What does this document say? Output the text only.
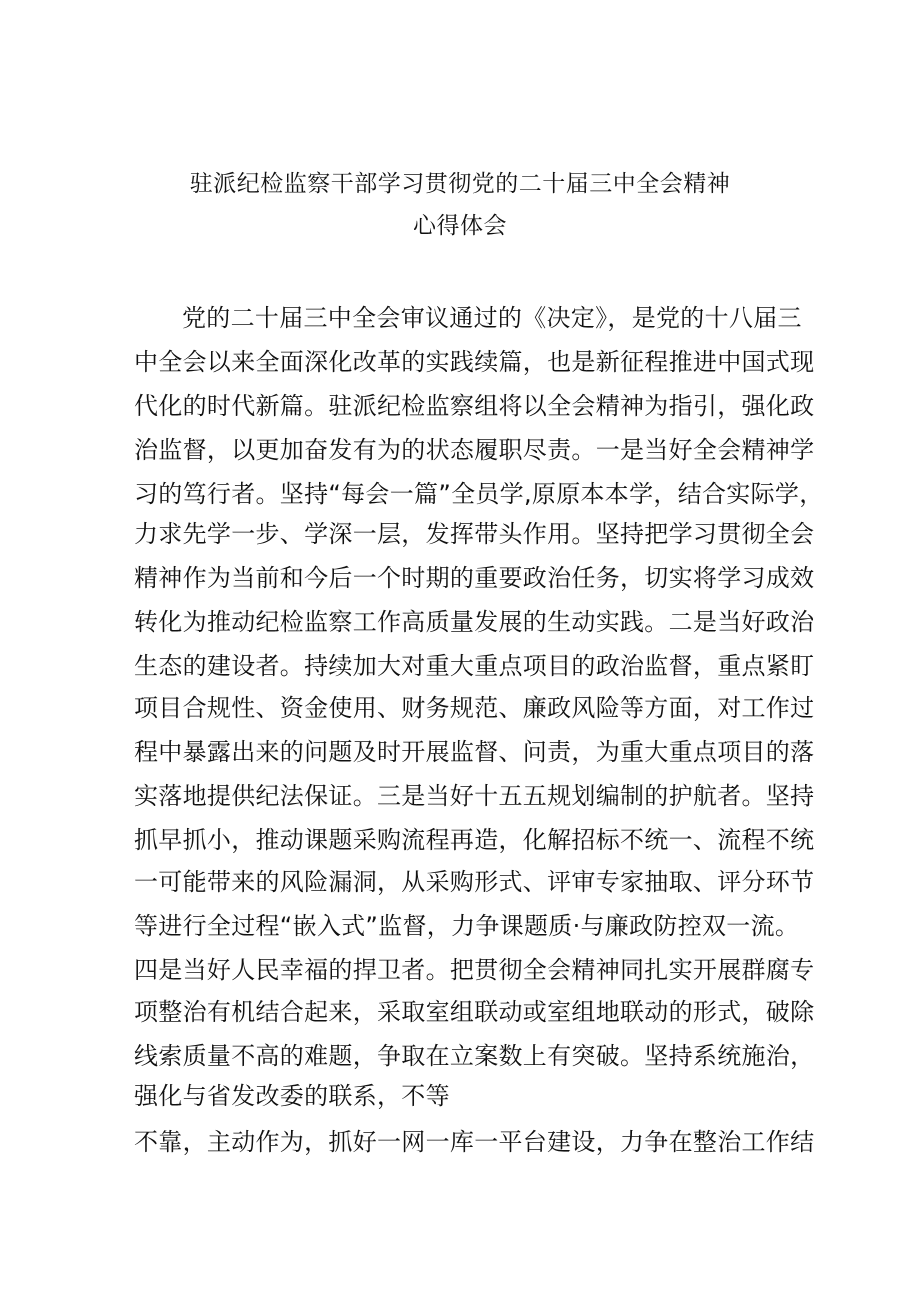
驻派纪检监察干部学习贯彻党的二十届三中全会精神
心得体会
党的二十届三中全会审议通过的《决定》，是党的十八届三
中全会以来全面深化改革的实践续篇，也是新征程推进中国式现
代化的时代新篇。驻派纪检监察组将以全会精神为指引，强化政
治监督，以更加奋发有为的状态履职尽责。一是当好全会精神学
习的笃行者。坚持“每会一篇”全员学,原原本本学，结合实际学，
力求先学一步、学深一层，发挥带头作用。坚持把学习贯彻全会
精神作为当前和今后一个时期的重要政治任务，切实将学习成效
转化为推动纪检监察工作高质量发展的生动实践。二是当好政治
生态的建设者。持续加大对重大重点项目的政治监督，重点紧盯
项目合规性、资金使用、财务规范、廉政风险等方面，对工作过
程中暴露出来的问题及时开展监督、问责，为重大重点项目的落
实落地提供纪法保证。三是当好十五五规划编制的护航者。坚持
抓早抓小，推动课题采购流程再造，化解招标不统一、流程不统
一可能带来的风险漏洞，从采购形式、评审专家抽取、评分环节
等进行全过程“嵌入式”监督，力争课题质·与廉政防控双一流。
四是当好人民幸福的捍卫者。把贯彻全会精神同扎实开展群腐专
项整治有机结合起来，采取室组联动或室组地联动的形式，破除
线索质量不高的难题，争取在立案数上有突破。坚持系统施治，
强化与省发改委的联系，不等
不靠，主动作为，抓好一网一库一平台建设，力争在整治工作结
